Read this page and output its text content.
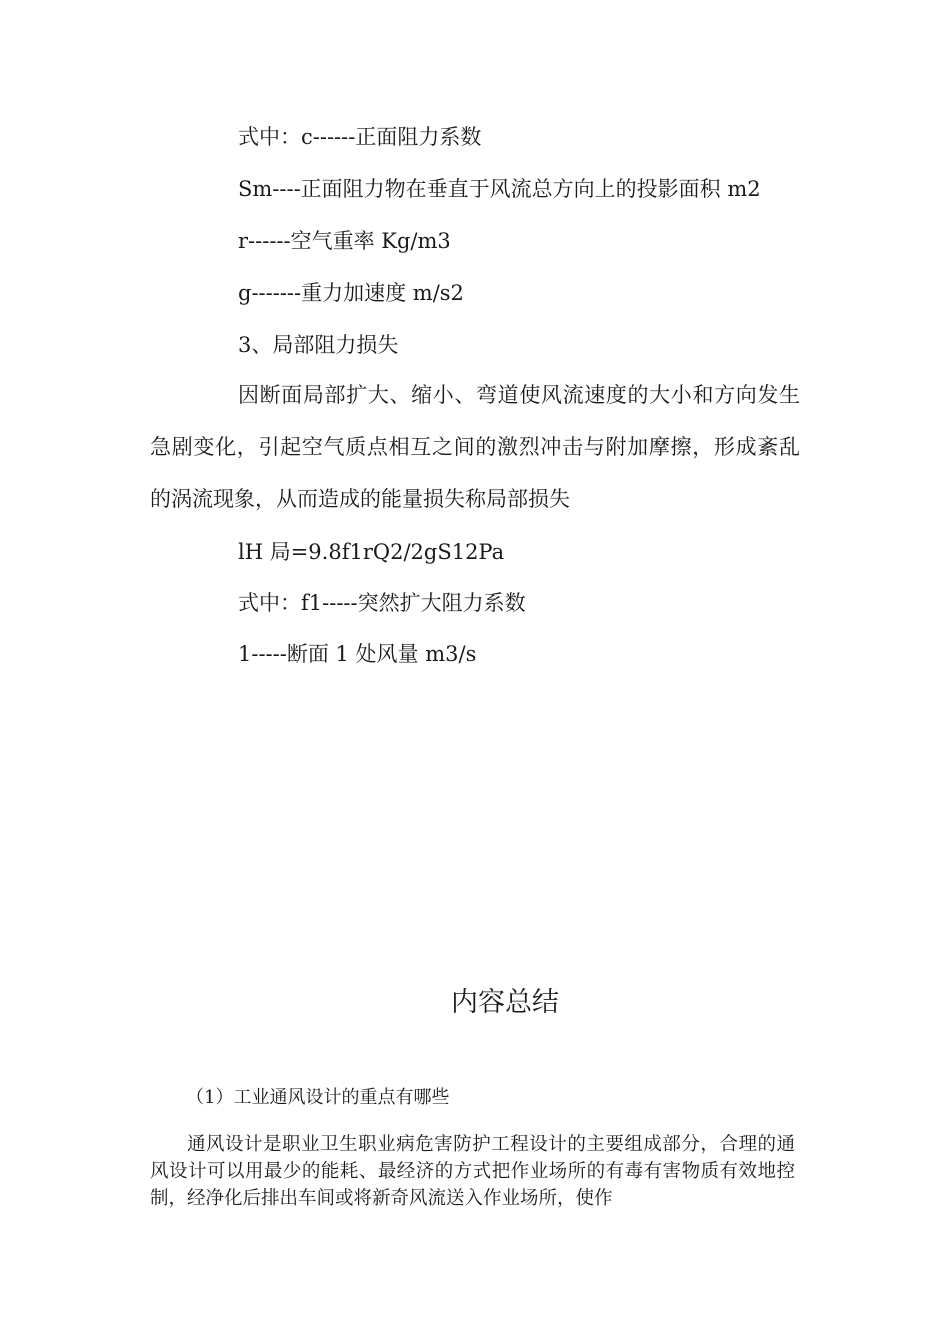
式中：c------正面阻力系数
Sm----正面阻力物在垂直于风流总方向上的投影面积 m2
r------空气重率 Kg/m3
g-------重力加速度 m/s2
3、局部阻力损失
因断面局部扩大、缩小、弯道使风流速度的大小和方向发生急剧变化，引起空气质点相互之间的激烈冲击与附加摩擦，形成紊乱的涡流现象，从而造成的能量损失称局部损失
lH 局=9.8f1rQ2/2gS12Pa
式中：f1-----突然扩大阻力系数
1-----断面 1 处风量 m3/s
内容总结
（1）工业通风设计的重点有哪些
通风设计是职业卫生职业病危害防护工程设计的主要组成部分，合理的通风设计可以用最少的能耗、最经济的方式把作业场所的有毒有害物质有效地控制，经净化后排出车间或将新奇风流送入作业场所，使作
